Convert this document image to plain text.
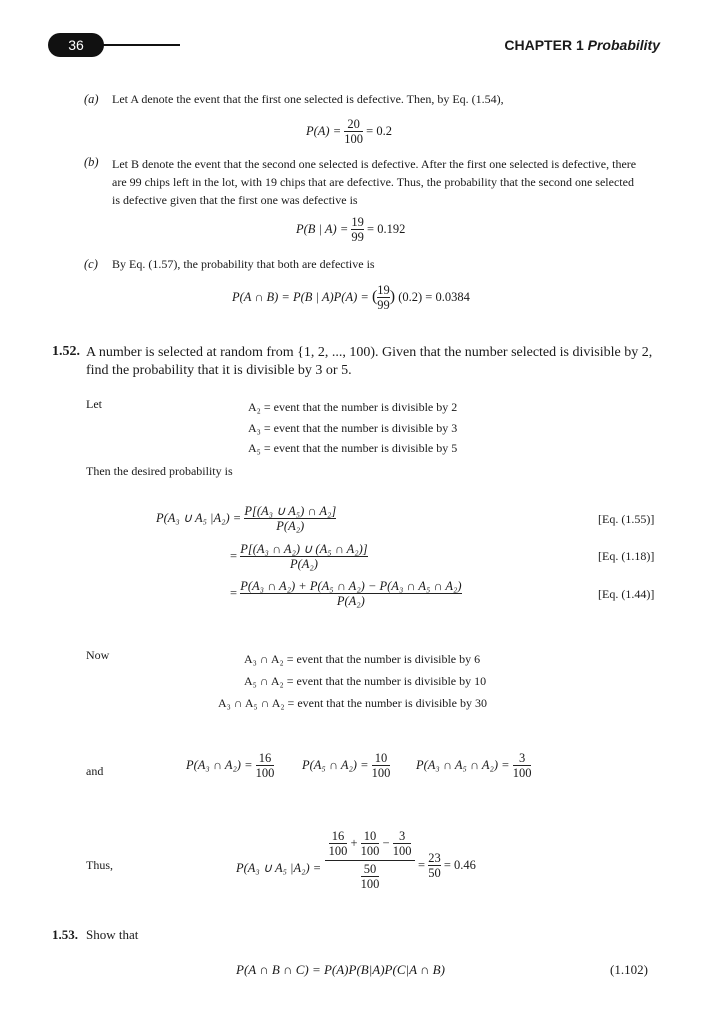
36	CHAPTER 1 Probability
(a) Let A denote the event that the first one selected is defective. Then, by Eq. (1.54),
$P(A) = \frac{20}{100} = 0.2$
(b) Let B denote the event that the second one selected is defective. After the first one selected is defective, there
are 99 chips left in the lot, with 19 chips that are defective. Thus, the probability that the second one selected
is defective given that the first one was defective is
P(B | $A) = \frac{19}{99} = 0.192$
(c) By Eq. (1.57), the probability that both are defective is
P(A ∩ B) = P(B | A)P(A) = ( $\frac{19}{99}$ ) (0.2) = 0.0384
1.52. A number is selected at random from {1, 2, ..., 100). Given that the number selected is divisible by 2,
find the probability that it is divisible by 3 or 5.
Let	A₂ = event that the number is divisible by 2
A₃ = event that the number is divisible by 3
A₅ = event that the number is divisible by 5
Then the desired probability is
P(A₃ ∪ A₅ $|A_2) = \frac{\text{P[(A₃ ∪ A₅) ∩ A₂]}}{\text{P(A₂)}}$	[Eq. (1.55)]
= $\frac{\text{P[(A₃ ∩ A₂) ∪ (A₅ ∩ A₂)]}}{\text{P(A₂)}}$	[Eq. (1.18)]
= $\frac{\text{P(A₃ ∩ A₂) + P(A₅ ∩ A₂) − P(A₃ ∩ A₅ ∩ A₂)}}{\text{P(A₂)}}$	[Eq. (1.44)]
Now	A₃ ∩ A₂ = event that the number is divisible by 6
A₅ ∩ A₂ = event that the number is divisible by 10
A₃ ∩ A₅ ∩ A₂ = event that the number is divisible by 30
and	P(A₃ ∩ $A_2) = \frac{16}{100} P(A_5$ ∩ $A_2) = \frac{10}{100} P(A_3$ ∩ A₅ ∩ $A_2) = \frac{3}{100}$
Thus,	P(A₃ ∪ A₅ |A₂) =
$\frac{16}{100} + \frac{10}{100} - \frac{3}{100}$
$\frac{50}{100}$	= $\frac{23}{50} = 0.46$
1.53. Show that
P(A ∩ B ∩ C) = P(A)P(B|A)P(C|A ∩ B)	(1.102)
